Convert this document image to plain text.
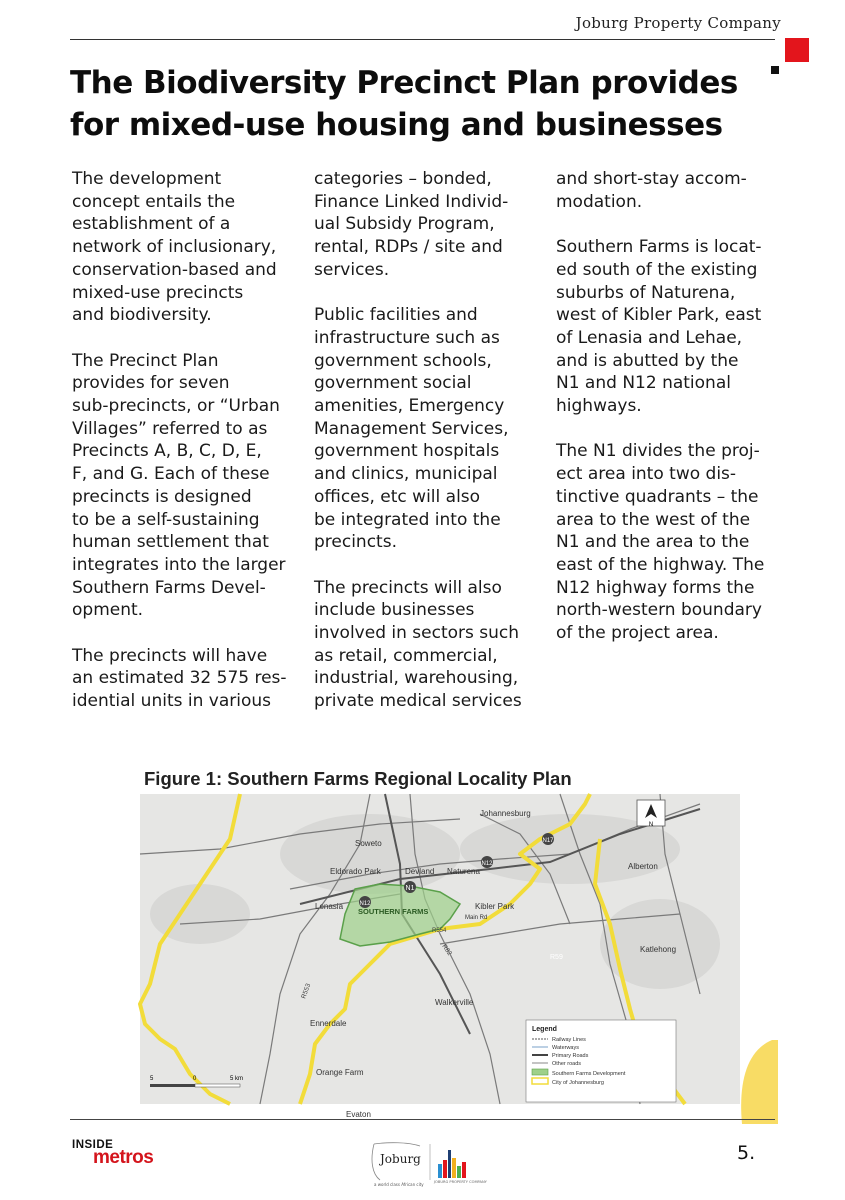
Joburg Property Company
The Biodiversity Precinct Plan provides
for mixed-use housing and businesses

The development
concept entails the
establishment of a
network of inclusionary,
conservation-based and
mixed-use precincts
and biodiversity.

The Precinct Plan
provides for seven
sub-precincts, or “Urban
Villages” referred to as
Precincts A, B, C, D, E,
F, and G. Each of these
precincts is designed
to be a self-sustaining
human settlement that
integrates into the larger
Southern Farms Devel-
opment.

The precincts will have
an estimated 32 575 res-
idential units in various

categories – bonded,
Finance Linked Individ-
ual Subsidy Program,
rental, RDPs / site and
services.

Public facilities and
infrastructure such as
government schools,
government social
amenities, Emergency
Management Services,
government hospitals
and clinics, municipal
offices, etc will also
be integrated into the
precincts.

The precincts will also
include businesses
involved in sectors such
as retail, commercial,
industrial, warehousing,
private medical services

and short-stay accom-
modation.

Southern Farms is locat-
ed south of the existing
suburbs of Naturena,
west of Kibler Park, east
of Lenasia and Lehae,
and is abutted by the
N1 and N12 national
highways.

The N1 divides the proj-
ect area into two dis-
tinctive quadrants – the
area to the west of the
N1 and the area to the
east of the highway. The
N12 highway forms the
north-western boundary
of the project area.

Figure 1: Southern Farms Regional Locality Plan
N1
N12
N12
N17
R59
R82
R553
R554
Johannesburg
Soweto
Eldorado Park	Devland Naturena
Lenasia
SOUTHERN FARMS
Kibler Park
Main Rd
Alberton
Katlehong
Walkerville
Ennerdale
Orange Farm
Evaton
N
5	0	5 km
Legend
Railway Lines
Waterways
Primary Roads
Other roads
Southern Farms Development
City of Johannesburg
INSIDE
metros	Joburg
a world class African city	JOBURG PROPERTY COMPANY
5.
